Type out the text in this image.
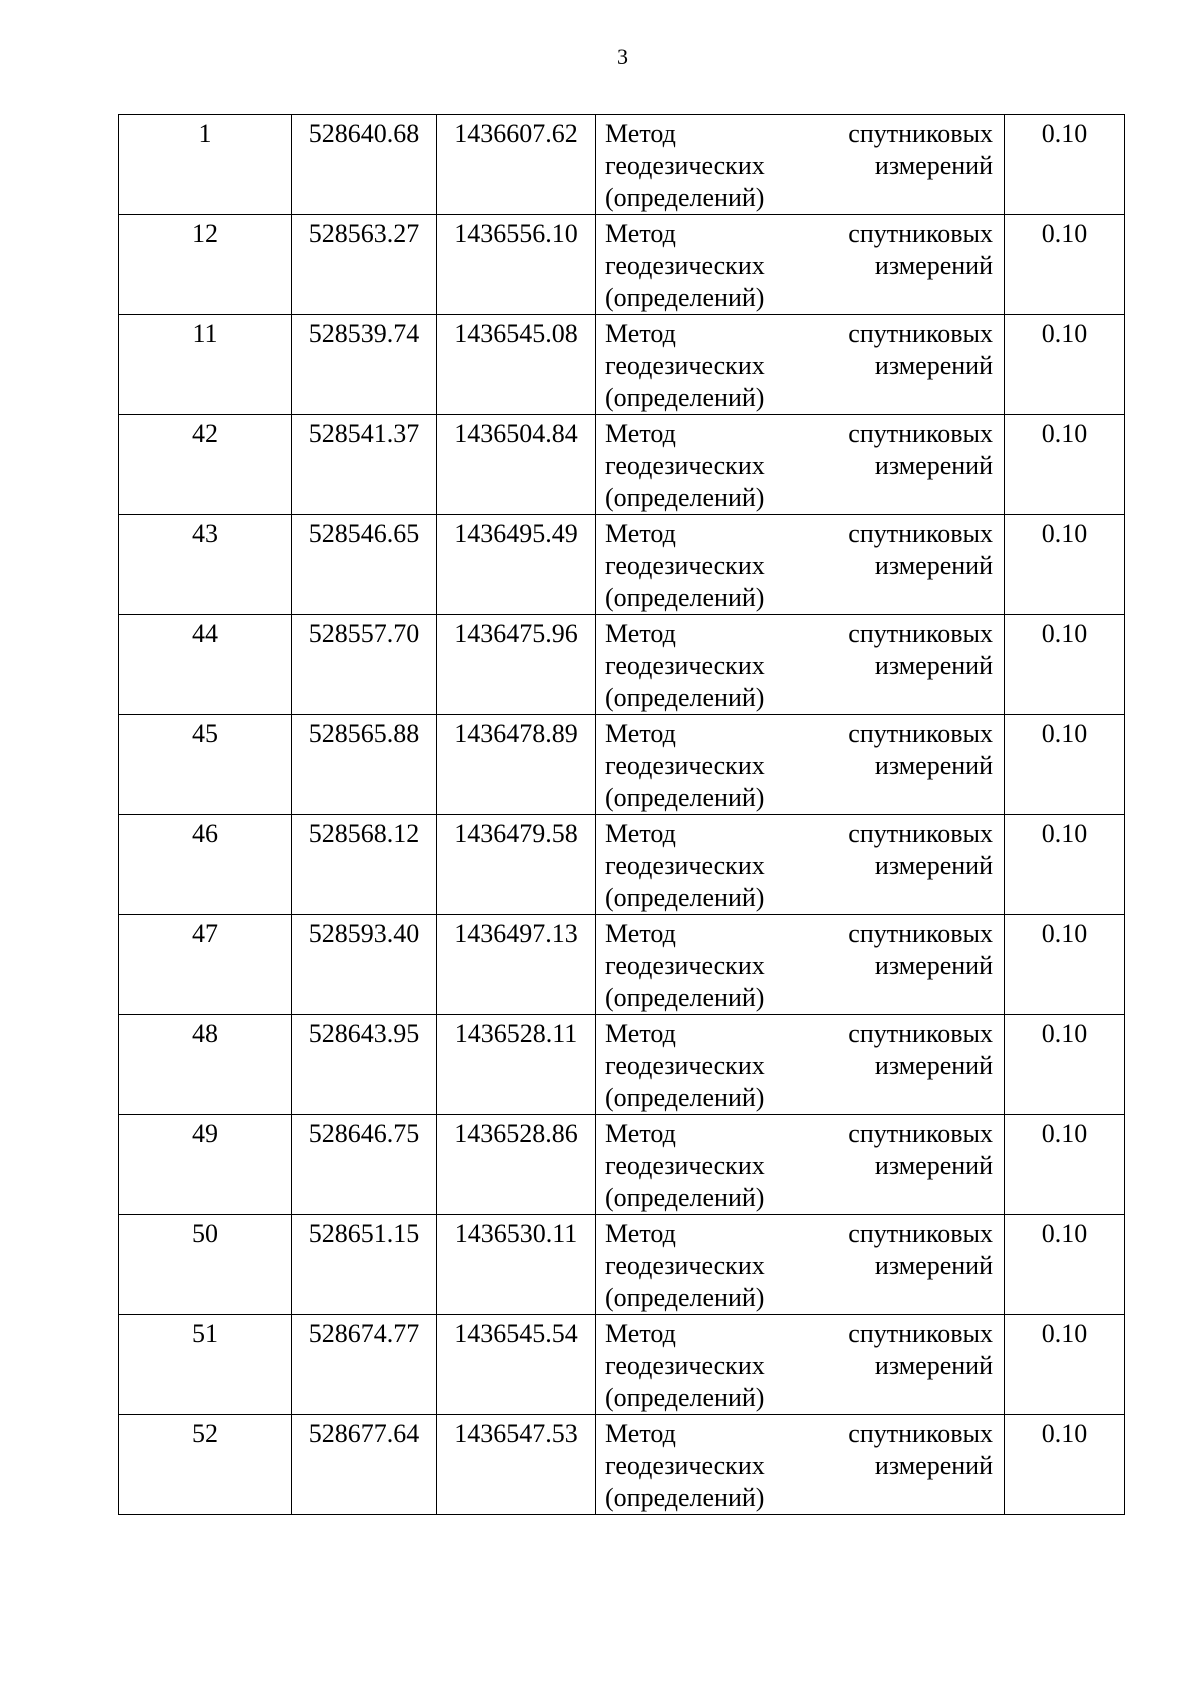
3
1	528640.68	1436607.62	Метод спутниковых
геодезических измерений
(определений)	0.10

12	528563.27	1436556.10	Метод спутниковых
геодезических измерений
(определений)	0.10

11	528539.74	1436545.08	Метод спутниковых
геодезических измерений
(определений)	0.10

42	528541.37	1436504.84	Метод спутниковых
геодезических измерений
(определений)	0.10

43	528546.65	1436495.49	Метод спутниковых
геодезических измерений
(определений)	0.10

44	528557.70	1436475.96	Метод спутниковых
геодезических измерений
(определений)	0.10

45	528565.88	1436478.89	Метод спутниковых
геодезических измерений
(определений)	0.10

46	528568.12	1436479.58	Метод спутниковых
геодезических измерений
(определений)	0.10

47	528593.40	1436497.13	Метод спутниковых
геодезических измерений
(определений)	0.10

48	528643.95	1436528.11	Метод спутниковых
геодезических измерений
(определений)	0.10

49	528646.75	1436528.86	Метод спутниковых
геодезических измерений
(определений)	0.10

50	528651.15	1436530.11	Метод спутниковых
геодезических измерений
(определений)	0.10

51	528674.77	1436545.54	Метод спутниковых
геодезических измерений
(определений)	0.10

52	528677.64	1436547.53	Метод спутниковых
геодезических измерений
(определений)	0.10
